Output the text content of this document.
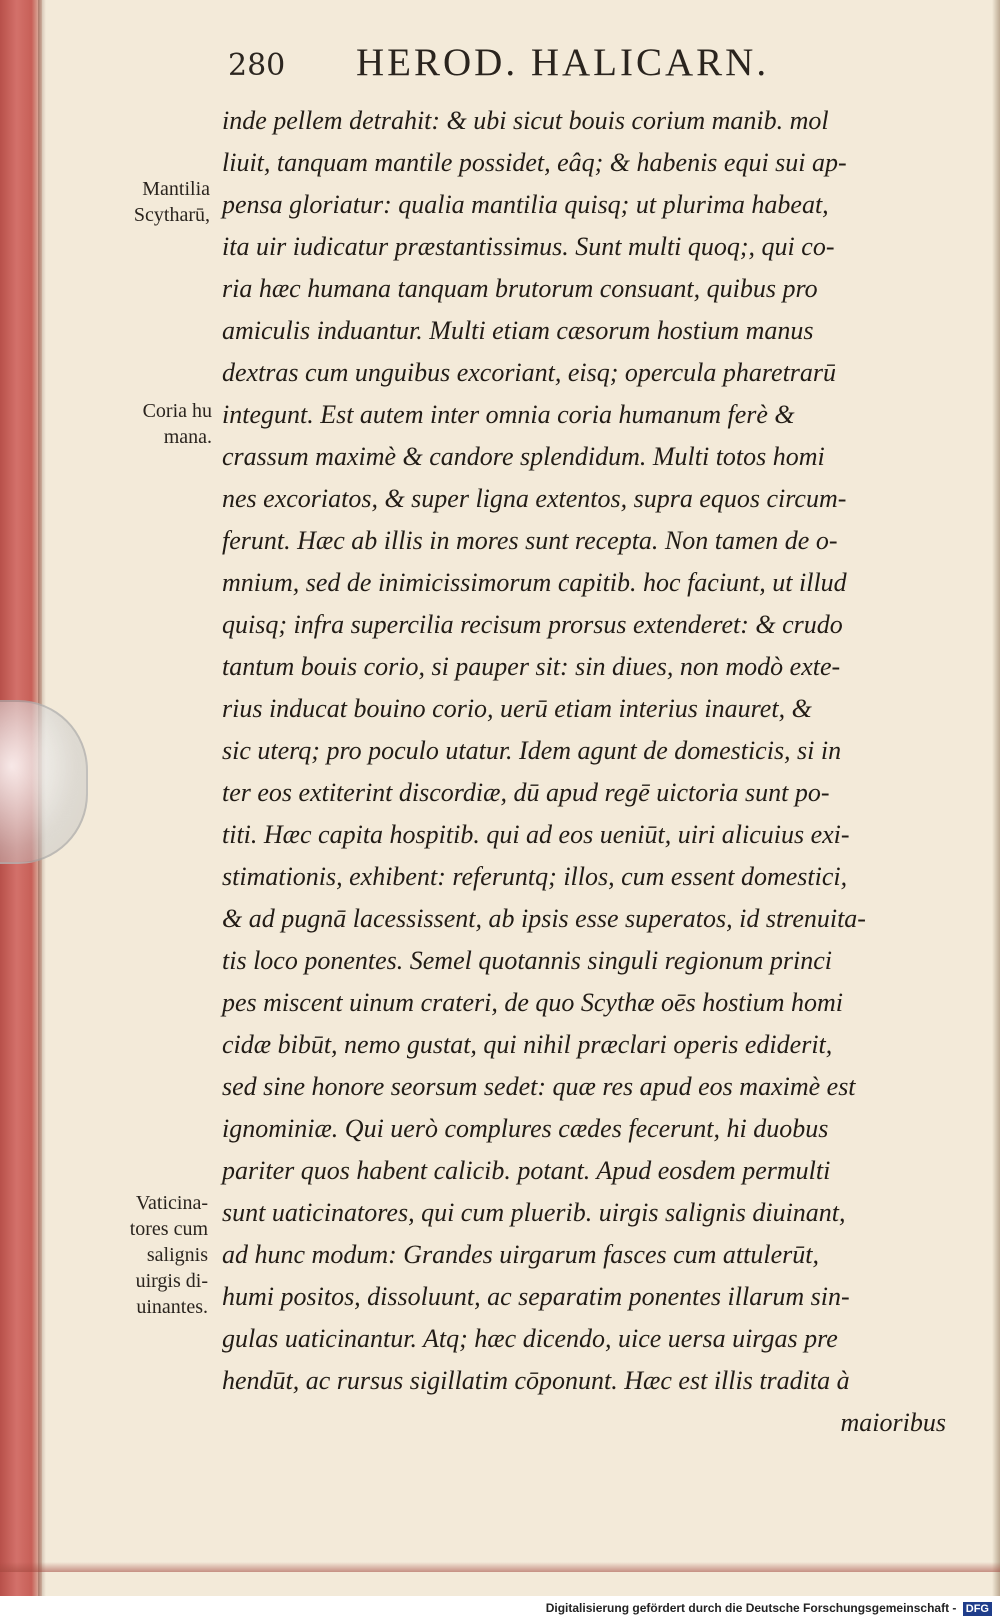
280 HEROD. HALICARN.
Mantilia
Scytharū,
Coria hu
mana.
Vaticina-
tores cum
salignis
uirgis di-
uinantes.
inde pellem detrahit: & ubi sicut bouis corium manib. mol
liuit, tanquam mantile possidet, eâq; & habenis equi sui ap-
pensa gloriatur: qualia mantilia quisq; ut plurima habeat,
ita uir iudicatur præstantissimus. Sunt multi quoq;, qui co-
ria hæc humana tanquam brutorum consuant, quibus pro
amiculis induantur. Multi etiam cæsorum hostium manus
dextras cum unguibus excoriant, eisq; opercula pharetrarū
integunt. Est autem inter omnia coria humanum ferè &
crassum maximè & candore splendidum. Multi totos homi
nes excoriatos, & super ligna extentos, supra equos circum-
ferunt. Hæc ab illis in mores sunt recepta. Non tamen de o-
mnium, sed de inimicissimorum capitib. hoc faciunt, ut illud
quisq; infra supercilia recisum prorsus extenderet: & crudo
tantum bouis corio, si pauper sit: sin diues, non modò exte-
rius inducat bouino corio, uerū etiam interius inauret, &
sic uterq; pro poculo utatur. Idem agunt de domesticis, si in
ter eos extiterint discordiæ, dū apud regē uictoria sunt po-
titi. Hæc capita hospitib. qui ad eos ueniūt, uiri alicuius exi-
stimationis, exhibent: referuntq; illos, cum essent domestici,
& ad pugnā lacessissent, ab ipsis esse superatos, id strenuita-
tis loco ponentes. Semel quotannis singuli regionum princi
pes miscent uinum crateri, de quo Scythæ oēs hostium homi
cidæ bibūt, nemo gustat, qui nihil præclari operis ediderit,
sed sine honore seorsum sedet: quæ res apud eos maximè est
ignominiæ. Qui uerò complures cædes fecerunt, hi duobus
pariter quos habent calicib. potant. Apud eosdem permulti
sunt uaticinatores, qui cum pluerib. uirgis salignis diuinant,
ad hunc modum: Grandes uirgarum fasces cum attulerūt,
humi positos, dissoluunt, ac separatim ponentes illarum sin-
gulas uaticinantur. Atq; hæc dicendo, uice uersa uirgas pre
hendūt, ac rursus sigillatim cōponunt. Hæc est illis tradita à
maioribus
Digitalisierung gefördert durch die Deutsche Forschungsgemeinschaft - DFG
